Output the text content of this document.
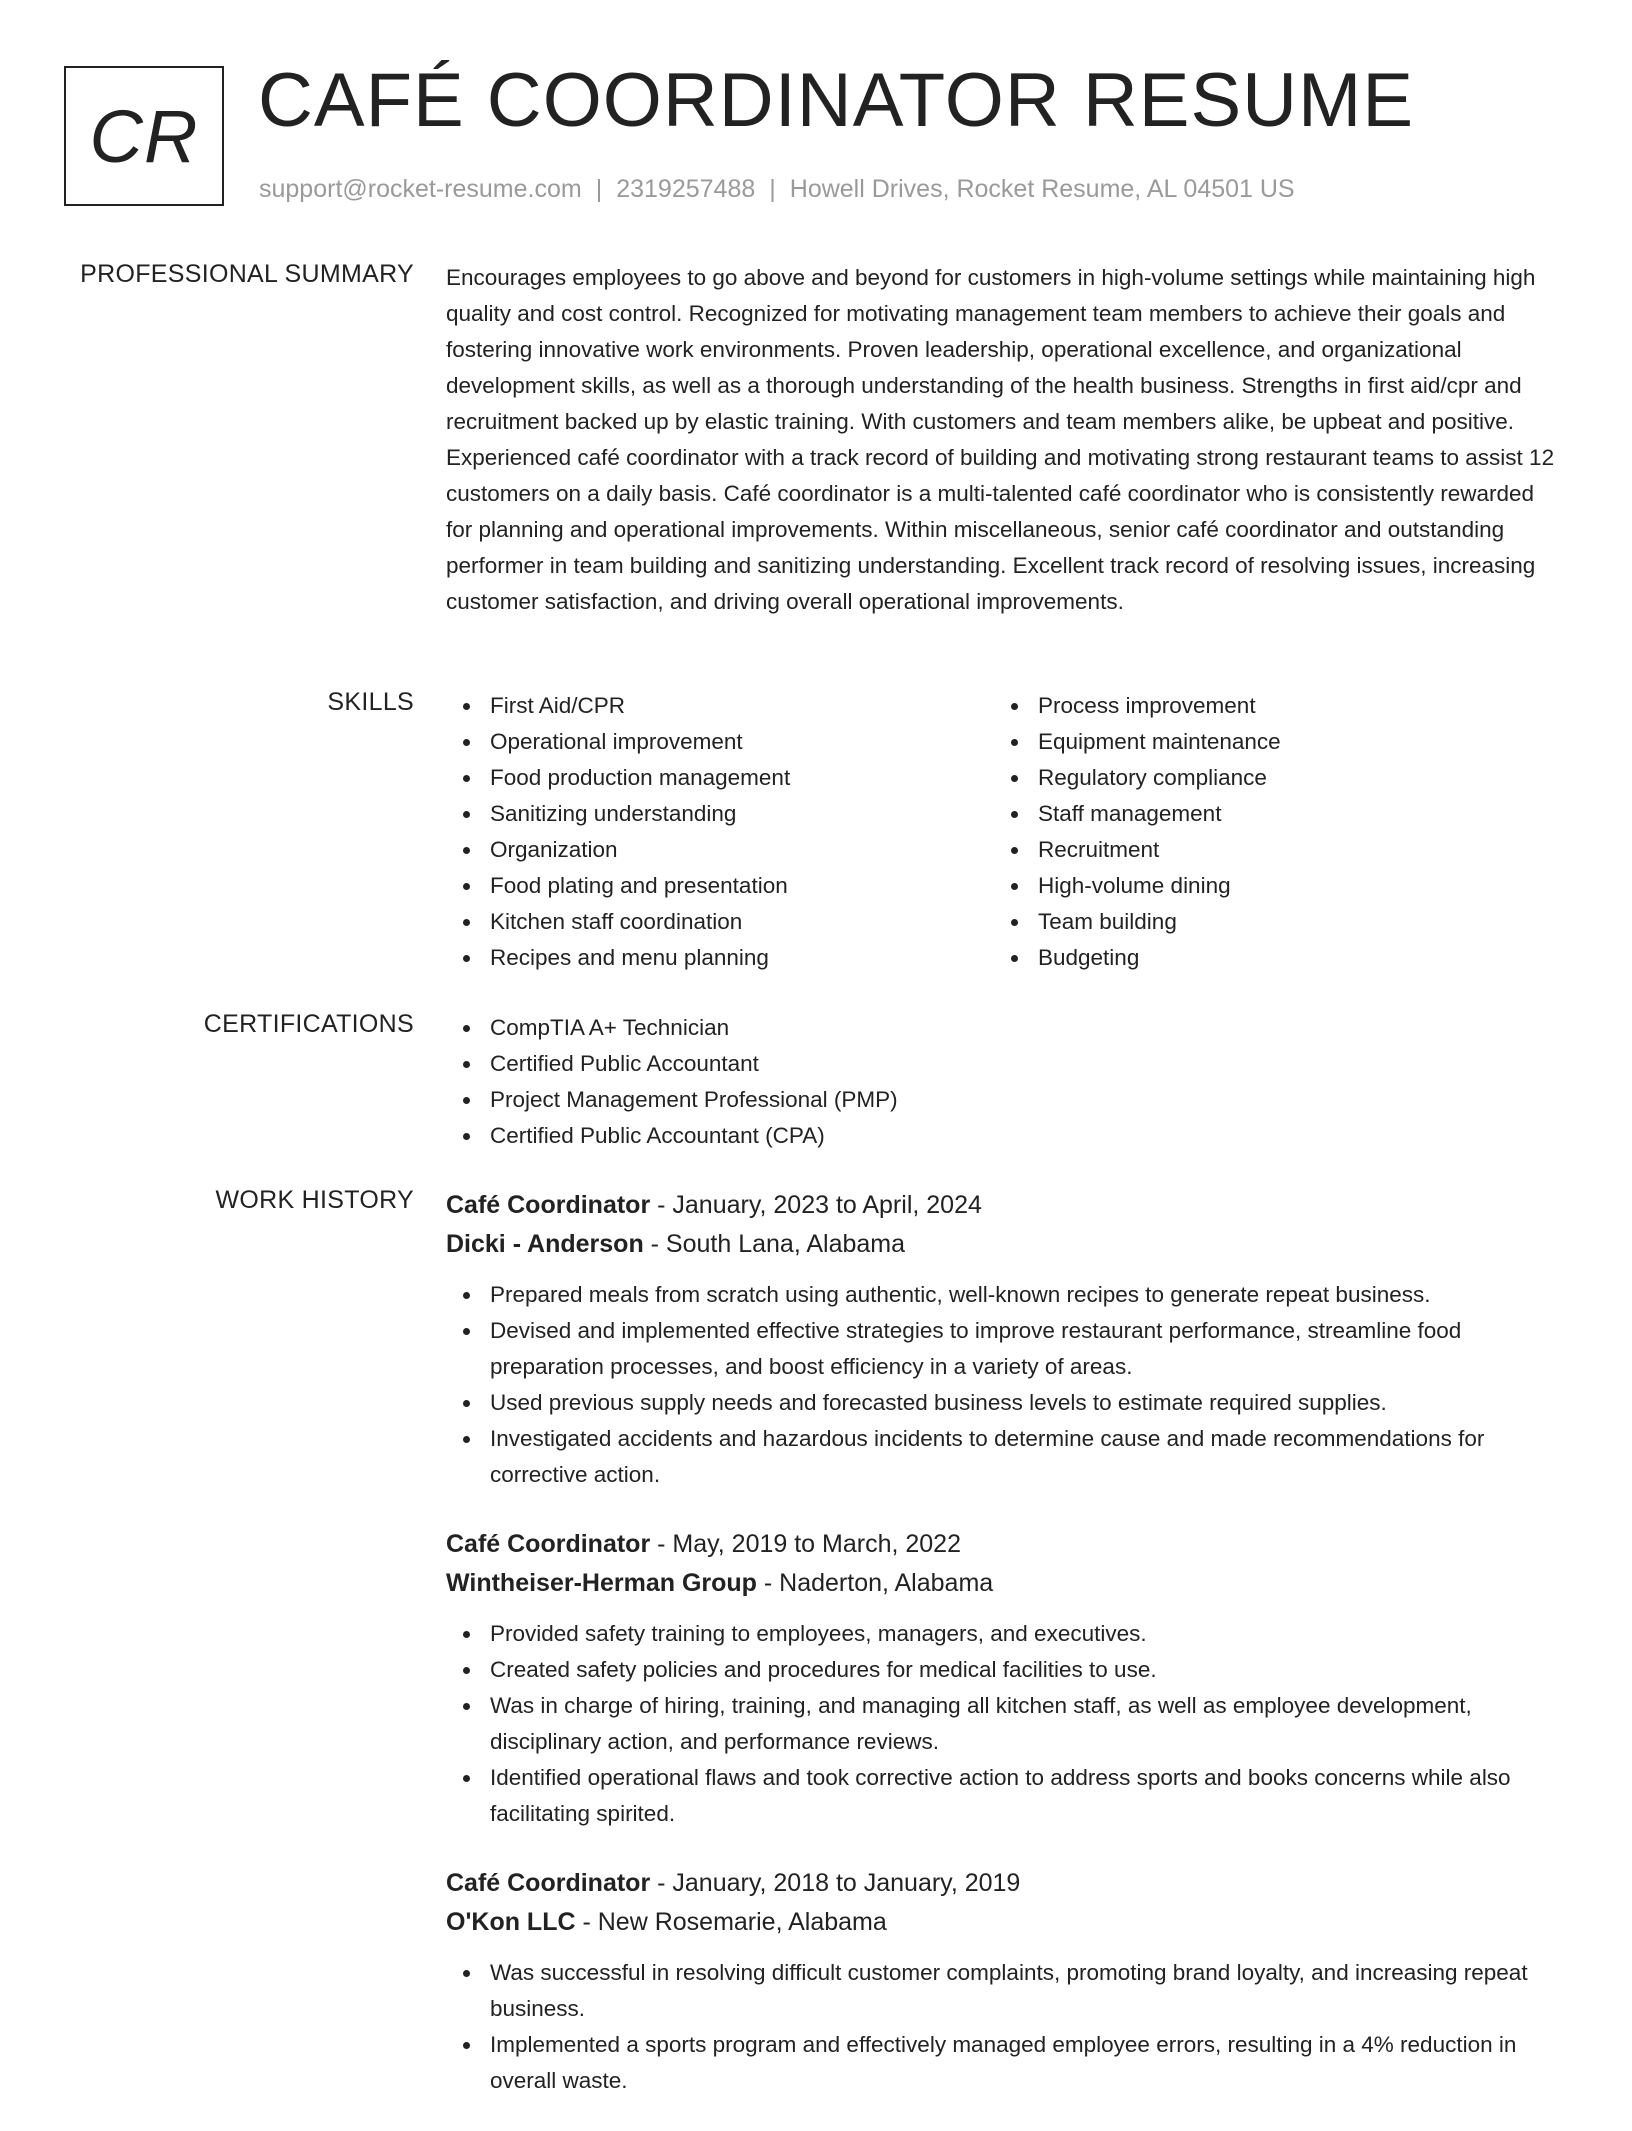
CR CAFÉ COORDINATOR RESUME
support@rocket-resume.com | 2319257488 | Howell Drives, Rocket Resume, AL 04501 US
PROFESSIONAL SUMMARY Encourages employees to go above and beyond for customers in high-volume settings while maintaining high quality and cost control. Recognized for motivating management team members to achieve their goals and fostering innovative work environments. Proven leadership, operational excellence, and organizational development skills, as well as a thorough understanding of the health business. Strengths in first aid/cpr and recruitment backed up by elastic training. With customers and team members alike, be upbeat and positive. Experienced café coordinator with a track record of building and motivating strong restaurant teams to assist 12 customers on a daily basis. Café coordinator is a multi-talented café coordinator who is consistently rewarded for planning and operational improvements. Within miscellaneous, senior café coordinator and outstanding performer in team building and sanitizing understanding. Excellent track record of resolving issues, increasing customer satisfaction, and driving overall operational improvements.

SKILLS	First Aid/CPR
Operational improvement
Food production management
Sanitizing understanding
Organization
Food plating and presentation
Kitchen staff coordination
Recipes and menu planning
Process improvement
Equipment maintenance
Regulatory compliance
Staff management
Recruitment
High-volume dining
Team building
Budgeting
CERTIFICATIONS	CompTIA A+ Technician
Certified Public Accountant
Project Management Professional (PMP)
Certified Public Accountant (CPA)
WORK HISTORY Café Coordinator - January, 2023 to April, 2024
Dicki - Anderson - South Lana, Alabama
Prepared meals from scratch using authentic, well-known recipes to generate repeat business.
Devised and implemented effective strategies to improve restaurant performance, streamline food preparation processes, and boost efficiency in a variety of areas.
Used previous supply needs and forecasted business levels to estimate required supplies.
Investigated accidents and hazardous incidents to determine cause and made recommendations for corrective action.
Café Coordinator - May, 2019 to March, 2022
Wintheiser-Herman Group - Naderton, Alabama
Provided safety training to employees, managers, and executives.
Created safety policies and procedures for medical facilities to use.
Was in charge of hiring, training, and managing all kitchen staff, as well as employee development, disciplinary action, and performance reviews.
Identified operational flaws and took corrective action to address sports and books concerns while also facilitating spirited.
Café Coordinator - January, 2018 to January, 2019
O'Kon LLC - New Rosemarie, Alabama
Was successful in resolving difficult customer complaints, promoting brand loyalty, and increasing repeat business.
Implemented a sports program and effectively managed employee errors, resulting in a 4% reduction in overall waste.
